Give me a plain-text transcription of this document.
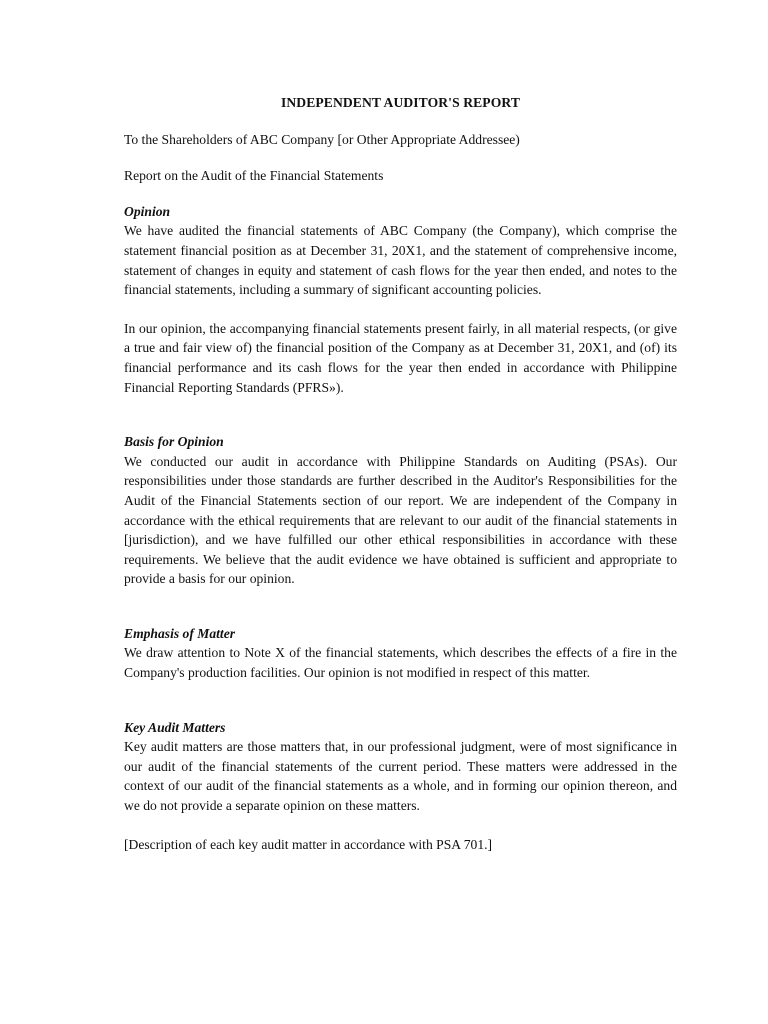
INDEPENDENT AUDITOR'S REPORT

To the Shareholders of ABC Company [or Other Appropriate Addressee)

Report on the Audit of the Financial Statements

Opinion

We have audited the financial statements of ABC Company (the Company), which comprise the statement financial position as at December 31, 20X1, and the statement of comprehensive income, statement of changes in equity and statement of cash flows for the year then ended, and notes to the financial statements, including a summary of significant accounting policies.

In our opinion, the accompanying financial statements present fairly, in all material respects, (or give a true and fair view of) the financial position of the Company as at December 31, 20X1, and (of) its financial performance and its cash flows for the year then ended in accordance with Philippine Financial Reporting Standards (PFRS»).

Basis for Opinion

We conducted our audit in accordance with Philippine Standards on Auditing (PSAs). Our responsibilities under those standards are further described in the Auditor's Responsibilities for the Audit of the Financial Statements section of our report. We are independent of the Company in accordance with the ethical requirements that are relevant to our audit of the financial statements in [jurisdiction), and we have fulfilled our other ethical responsibilities in accordance with these requirements. We believe that the audit evidence we have obtained is sufficient and appropriate to provide a basis for our opinion.

Emphasis of Matter

We draw attention to Note X of the financial statements, which describes the effects of a fire in the Company's production facilities. Our opinion is not modified in respect of this matter.

Key Audit Matters

Key audit matters are those matters that, in our professional judgment, were of most significance in our audit of the financial statements of the current period. These matters were addressed in the context of our audit of the financial statements as a whole, and in forming our opinion thereon, and we do not provide a separate opinion on these matters.

[Description of each key audit matter in accordance with PSA 701.]
